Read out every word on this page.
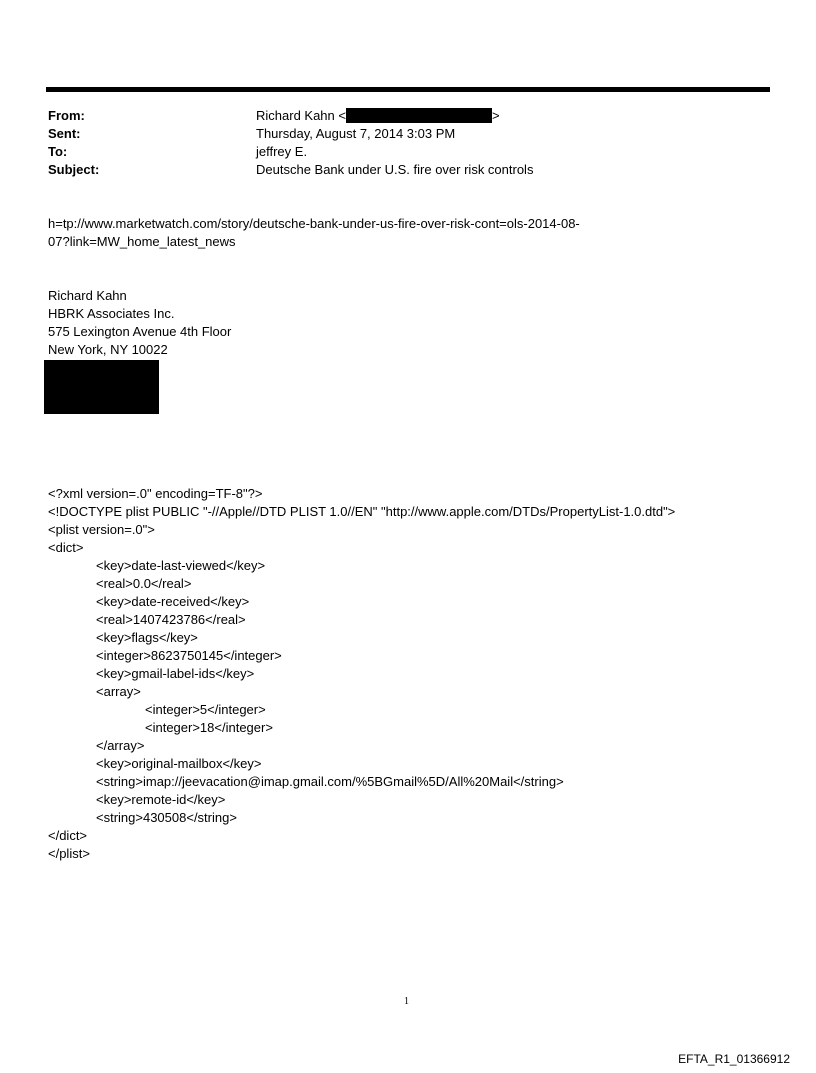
From:	Richard Kahn <	>
Sent:	Thursday, August 7, 2014 3:03 PM
To:	jeffrey E.
Subject:	Deutsche Bank under U.S. fire over risk controls
h=tp://www.marketwatch.com/story/deutsche-bank-under-us-fire-over-risk-cont=ols-2014-08-
07?link=MW_home_latest_news
Richard Kahn
HBRK Associates Inc.
575 Lexington Avenue 4th Floor
New York, NY 10022
<?xml version=.0" encoding=TF-8"?>
<!DOCTYPE plist PUBLIC "-//Apple//DTD PLIST 1.0//EN" "http://www.apple.com/DTDs/PropertyList-1.0.dtd">
<plist version=.0">
<dict>
<key>date-last-viewed</key>
<real>0.0</real>
<key>date-received</key>
<real>1407423786</real>
<key>flags</key>
<integer>8623750145</integer>
<key>gmail-label-ids</key>
<array>
<integer>5</integer>
<integer>18</integer>
</array>
<key>original-mailbox</key>
<string>imap://jeevacation@imap.gmail.com/%5BGmail%5D/All%20Mail</string>
<key>remote-id</key>
<string>430508</string>
</dict>
</plist>
1
EFTA_R1_01366912
